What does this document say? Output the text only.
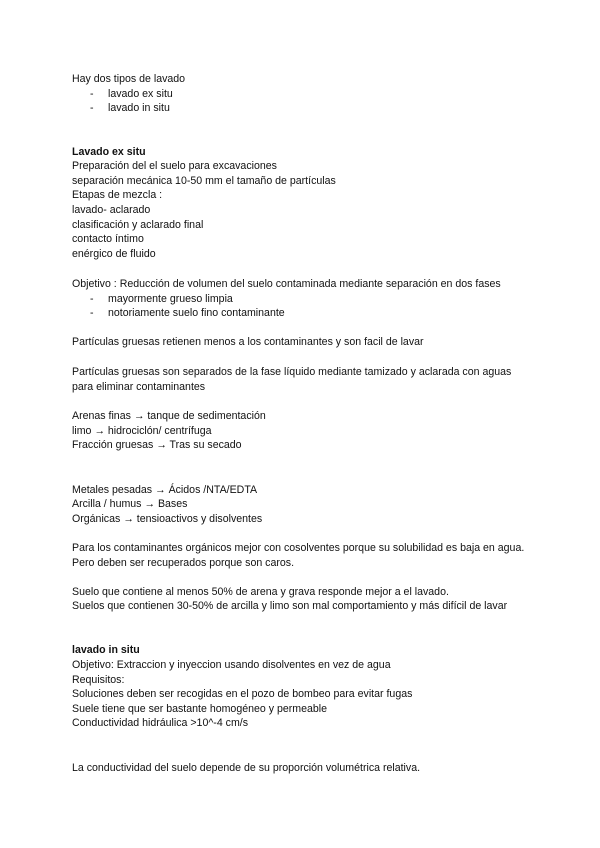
Hay dos tipos de lavado
- lavado ex situ
- lavado in situ
Lavado ex situ
Preparación del el suelo para excavaciones
separación mecánica 10-50 mm el tamaño de partículas
Etapas de mezcla :
lavado- aclarado
clasificación y aclarado final
contacto íntimo
enérgico de fluido
Objetivo : Reducción de volumen del suelo contaminada mediante separación en dos fases
- mayormente grueso limpia
- notoriamente suelo fino contaminante
Partículas gruesas retienen menos a los contaminantes y son facil de lavar
Partículas gruesas son separados de la fase líquido mediante tamizado y aclarada con aguas para eliminar contaminantes
Arenas finas → tanque de sedimentación
limo → hidrociclón/ centrífuga
Fracción gruesas → Tras su secado
Metales pesadas → Ácidos /NTA/EDTA
Arcilla / humus → Bases
Orgánicas → tensioactivos y disolventes
Para los contaminantes orgánicos mejor con cosolventes porque su solubilidad es baja en agua. Pero deben ser recuperados porque son caros.
Suelo que contiene al menos 50% de arena y grava responde mejor a el lavado.
Suelos que contienen 30-50% de arcilla y limo son mal comportamiento y más difícil de lavar
lavado in situ
Objetivo: Extraccion y inyeccion usando disolventes en vez de agua
Requisitos:
Soluciones deben ser recogidas en el pozo de bombeo para evitar fugas
Suele tiene que ser bastante homogéneo y permeable
Conductividad hidráulica >10^-4 cm/s
La conductividad del suelo depende de su proporción volumétrica relativa.
